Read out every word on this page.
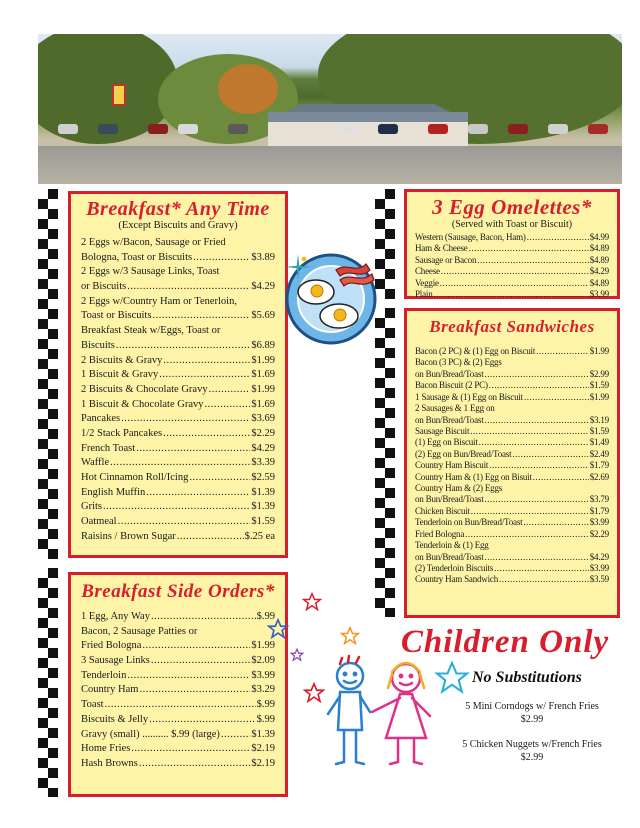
Breakfast* Any Time
(Except Biscuits and Gravy)
2 Eggs w/Bacon, Sausage or Fried
Bologna, Toast or Biscuits .....	$3.89
2 Eggs w/3 Sausage Links, Toast
or Biscuits .....	$4.29
2 Eggs w/Country Ham or Tenerloin,
Toast or Biscuits .....	$5.69
Breakfast Steak w/Eggs, Toast or
Biscuits .....	$6.89
2 Biscuits & Gravy .....	$1.99
1 Biscuit & Gravy .....	$1.69
2 Biscuits & Chocolate Gravy .....	$1.99
1 Biscuit & Chocolate Gravy .....	$1.69
Pancakes .....	$3.69
1/2 Stack Pancakes .....	$2.29
French Toast .....	$4.29
Waffle .....	$3.39
Hot Cinnamon Roll/Icing .....	$2.59
English Muffin .....	$1.39
Grits .....	$1.39
Oatmeal .....	$1.59
Raisins / Brown Sugar .....	$.25 ea
Breakfast Side Orders*
1 Egg, Any Way .....	$.99
Bacon, 2 Sausage Patties or
Fried Bologna .....	$1.99
3 Sausage Links .....	$2.09
Tenderloin .....	$3.99
Country Ham .....	$3.29
Toast .....	$.99
Biscuits & Jelly .....	$.99
Gravy (small) .......... $.99 (large) .....	$1.39
Home Fries .....	$2.19
Hash Browns .....	$2.19
3 Egg Omelettes*
(Served with Toast or Biscuit)
Western (Sausage, Bacon, Ham) .....	$4.99
Ham & Cheese .....	$4.89
Sausage or Bacon .....	$4.89
Cheese .....	$4.29
Veggie .....	$4.89
Plain .....	$3.99
Breakfast Sandwiches
Bacon (2 PC) & (1) Egg on Biscuit .....	$1.99
Bacon (3 PC) & (2) Eggs
on Bun/Bread/Toast .....	$2.99
Bacon Biscuit (2 PC) .....	$1.59
1 Sausage & (1) Egg on Biscuit .....	$1.99
2 Sausages & 1 Egg on
on Bun/Bread/Toast .....	$3.19
Sausage Biscuit .....	$1.59
(1) Egg on Biscuit .....	$1.49
(2) Egg on Bun/Bread/Toast .....	$2.49
Country Ham Biscuit .....	$1.79
Country Ham & (1) Egg on Bisuit .....	$2.69
Country Ham & (2) Eggs
on Bun/Bread/Toast .....	$3.79
Chicken Biscuit .....	$1.79
Tenderloin on Bun/Bread/Toast .....	$3.99
Fried Bologna .....	$2.29
Tenderloin & (1) Egg
on Bun/Bread/Toast .....	$4.29
(2) Tenderloin Biscuits .....	$3.99
Country Ham Sandwich .....	$3.59
Children Only
No Substitutions
5 Mini Corndogs w/ French Fries
$2.99
5 Chicken Nuggets w/French Fries
$2.99
